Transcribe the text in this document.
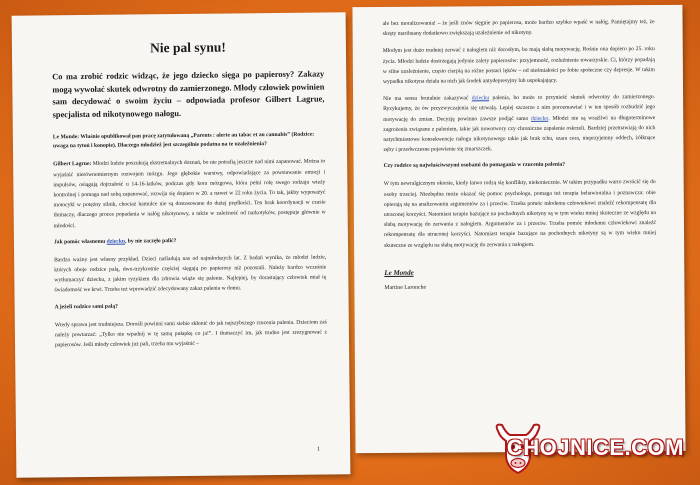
Nie pal synu!

Co ma zrobić rodzic widząc, że jego dziecko sięga po papierosy? Zakazy mogą wywołać skutek odwrotny do zamierzonego. Młody człowiek powinien sam decydować o swoim życiu – odpowiada profesor Gilbert Lagrue, specjalista od nikotynowego nałogu.

Le Monde: Właśnie opublikował pan pracę zatytułowaną „Parents : alerte au tabac et au cannabis” (Rodzice: uwaga na tytoń i konopie). Dlaczego młodzież jest szczególnie podatna na te uzależnienia?

Gilbert Lagrue: Młodzi ludzie poszukują ekstremalnych doznań, bo nie potrafią jeszcze nad nimi zapanować. Można to wyjaśnić nierównomiernym rozwojem mózgu. Jego głębokie warstwy, odpowiadające za powstawanie emocji i impulsów, osiągają dojrzałość u 14-16-latków, podczas gdy kora mózgowa, która pełni rolę swego rodzaju wieży kontrolnej i pomaga nad sobą zapanować, rozwija się dopiero w 20. a nawet w 22 roku życia. To tak, jakby wyposażyć motocykl w potężny silnik, chociaż hamulce nie są dostosowane do dużej prędkości. Ten brak koordynacji w czasie tłumaczy, dlaczego proces popadania w nałóg nikotynowy, a także w zależność od narkotyków, postępuje głównie w młodości.

Jak pomóc własnemu dziecku, by nie zaczęło palić?

Bardzo ważny jest własny przykład. Dzieci naśladują nas od najmłodszych lat. Z badań wynika, że młodzi ludzie, których oboje rodzice palą, dwu-trzykrotnie częściej sięgają po papierosy niż pozostali. Należy bardzo wcześnie wytłumaczyć dziecku, z jakim ryzykiem dla zdrowia wiąże się palenie. Najlepiej, by dorastający człowiek miał tę świadomość we krwi. Trzeba też wprowadzić zdecydowany zakaz palenia w domu.

A jeżeli rodzice sami palą?

Wtedy sprawa jest trudniejsza. Dorośli powinni sami siebie skłonić do jak najszybszego rzucenia palenia. Dzieciom zaś należy powtarzać: „Tylko nie wpadnij w tę samą pułapkę co ja!”. I tłumaczyć im, jak trudno jest zrezygnować z papierosów. Jeśli młody człowiek już pali, trzeba mu wyjaśnić –

1

ale bez moralizowania! – że jeśli znów sięgnie po papierosa, może bardzo szybko wpaść w nałóg. Pamiętajmy też, że skręty marihuany dodatkowo zwiększają uzależnienie od nikotyny.

Młodym jest dużo trudniej zerwać z nałogiem niż dorosłym, bo mają słabą motywację. Rośnie ona dopiero po 25. roku życia. Młodzi ludzie dostrzegają jedynie zalety papierosów: przyjemność, rozluźnienie towarzyskie. Ci, którzy popadają w silne uzależnienie, często cierpią na różne postaci lęków – od nieśmiałości po fobie społeczne czy depresje. W takim wypadku nikotyna działa na nich jak środek antydepresyjny lub uspokajający.

Nie ma sensu brutalnie zakazywać dziecku palenia, bo może to przynieść skutek odwrotny do zamierzonego. Ryzykujemy, że ów przyzwyczajenia się utrwalą. Lepiej szczerze z nim porozmawiać i w ten sposób rozbudzić jego motywację do zmian. Decyzję powinno zawsze podjąć samo dziecko. Młodzi nie są wrażliwi na długoterminowe zagrożenia związane z paleniem, takie jak nowotwory czy chroniczne zapalenie oskrzeli. Bardziej przemawiają do nich natychmiastowe konsekwencje nałogu nikotynowego takie jak brak tchu, szara cera, nieprzyjemny oddech, żółknące zęby i przedwczesne pojawienie się zmarszczek.

Czy rodzice są najwłaściwszymi osobami do pomagania w rzuceniu palenia?

W tym newralgicznym okresie, kiedy łatwo rodzą się konflikty, niekoniecznie. W takim przypadku warto zwrócić się do osoby trzeciej. Niezbędna może okazać się pomoc psychologa, pomaga też terapia behawioralna i poznawcza: obie opierają się na analizowaniu argumentów za i przeciw. Trzeba pomóc młodemu człowiekowi znaleźć rekompensatę dla utraconej korzyści. Natomiast terapie bazujące na pochodnych nikotyny są w tym wieku mniej skuteczne ze względu na słabą motywację do zerwania z nałogiem. Argumentów za i przeciw. Trzeba pomóc młodemu człowiekowi znaleźć rekompensatę dla utraconej korzyści. Natomiast terapie bazujące na pochodnych nikotyny są w tym wieku mniej skuteczne ze względu na słabą motywację do zerwania z nałogiem.

Le Monde

Martine Laronche

CHOJNICE.COM
